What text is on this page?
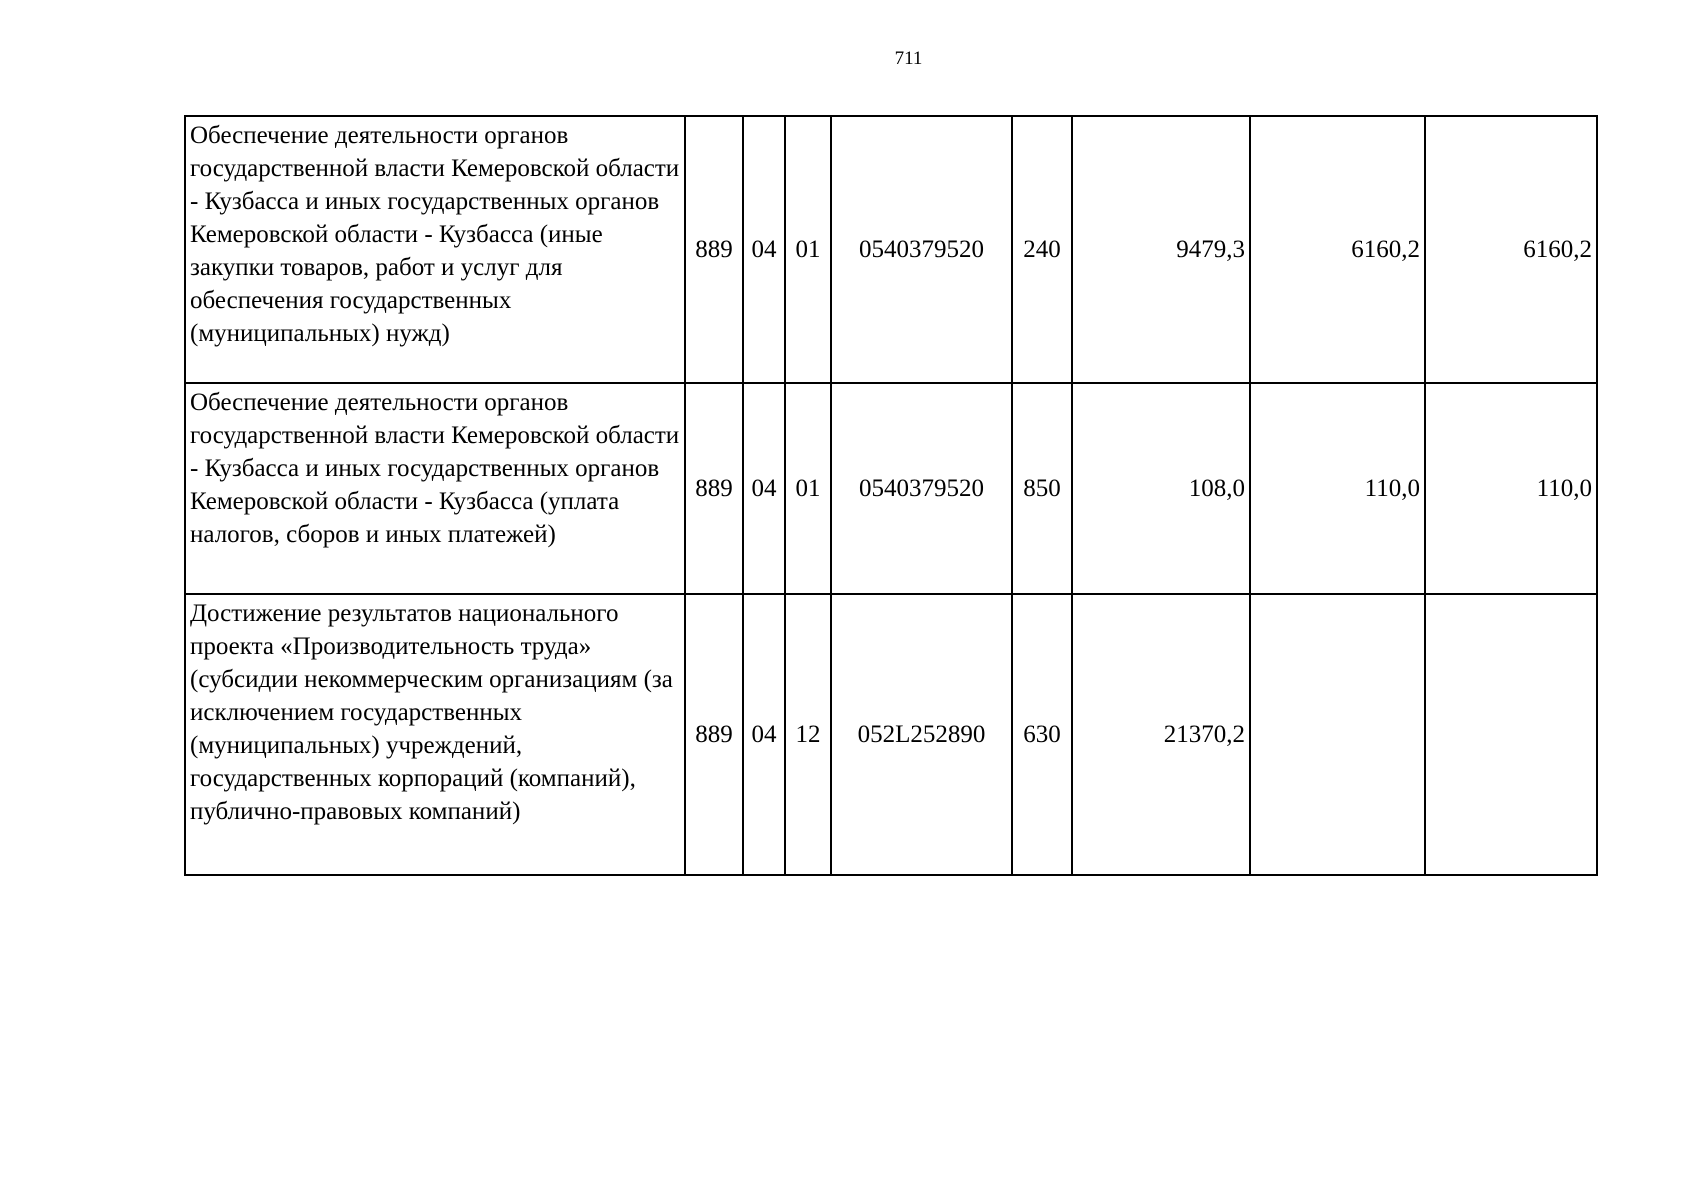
711
Обеспечение деятельности органов государственной власти Кемеровской области - Кузбасса и иных государственных органов Кемеровской области - Кузбасса (иные закупки товаров, работ и услуг для обеспечения государственных (муниципальных) нужд)	889	04	01	0540379520	240	9479,3	6160,2	6160,2
Обеспечение деятельности органов государственной власти Кемеровской области - Кузбасса и иных государственных органов Кемеровской области - Кузбасса (уплата налогов, сборов и иных платежей)	889	04	01	0540379520	850	108,0	110,0	110,0
Достижение результатов национального проекта «Производительность труда» (субсидии некоммерческим организациям (за исключением государственных (муниципальных) учреждений, государственных корпораций (компаний), публично-правовых компаний)	889	04	12	052L252890	630	21370,2		
